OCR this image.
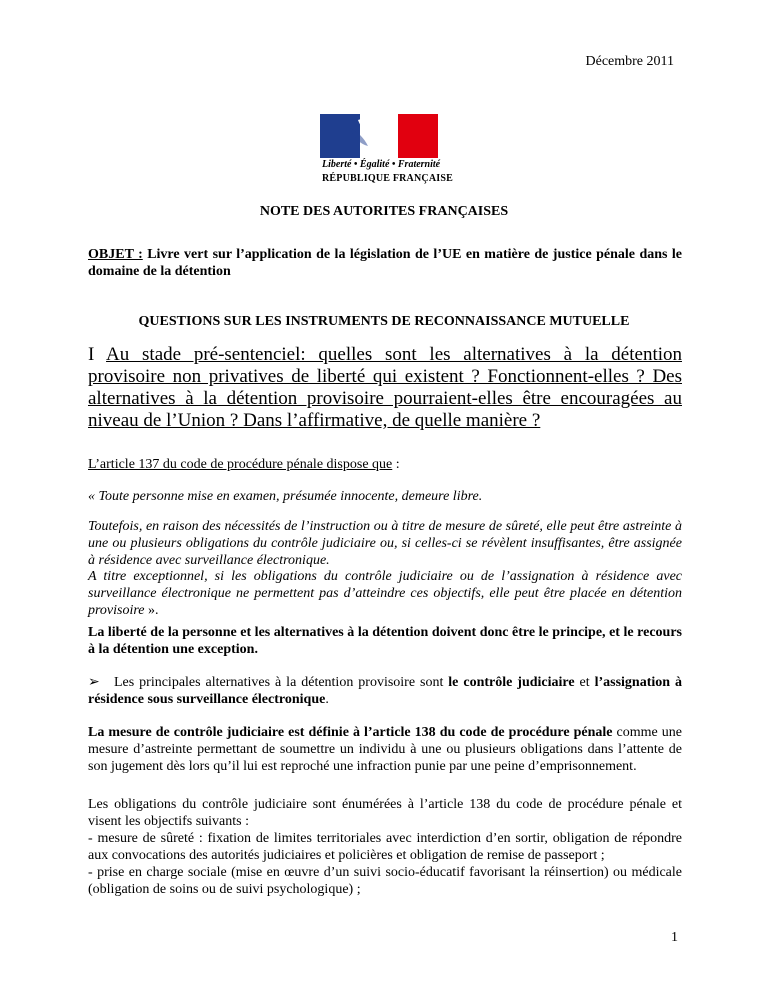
Décembre 2011
Liberté • Égalité • Fraternité
RÉPUBLIQUE FRANÇAISE
NOTE DES AUTORITES FRANÇAISES
OBJET : Livre vert sur l’application de la législation de l’UE en matière de justice pénale dans le domaine de la détention
QUESTIONS SUR LES INSTRUMENTS DE RECONNAISSANCE MUTUELLE
I Au stade pré-sentenciel: quelles sont les alternatives à la détention provisoire non privatives de liberté qui existent ? Fonctionnent-elles ? Des alternatives à la détention provisoire pourraient-elles être encouragées au niveau de l’Union ? Dans l’affirmative, de quelle manière ?
L’article 137 du code de procédure pénale dispose que :
« Toute personne mise en examen, présumée innocente, demeure libre.
Toutefois, en raison des nécessités de l’instruction ou à titre de mesure de sûreté, elle peut être astreinte à une ou plusieurs obligations du contrôle judiciaire ou, si celles-ci se révèlent insuffisantes, être assignée à résidence avec surveillance électronique.
A titre exceptionnel, si les obligations du contrôle judiciaire ou de l’assignation à résidence avec surveillance électronique ne permettent pas d’atteindre ces objectifs, elle peut être placée en détention provisoire ».
La liberté de la personne et les alternatives à la détention doivent donc être le principe, et le recours à la détention une exception.
➢ Les principales alternatives à la détention provisoire sont le contrôle judiciaire et l’assignation à résidence sous surveillance électronique.
La mesure de contrôle judiciaire est définie à l’article 138 du code de procédure pénale comme une mesure d’astreinte permettant de soumettre un individu à une ou plusieurs obligations dans l’attente de son jugement dès lors qu’il lui est reproché une infraction punie par une peine d’emprisonnement.
Les obligations du contrôle judiciaire sont énumérées à l’article 138 du code de procédure pénale et visent les objectifs suivants :
- mesure de sûreté : fixation de limites territoriales avec interdiction d’en sortir, obligation de répondre aux convocations des autorités judiciaires et policières et obligation de remise de passeport ;
- prise en charge sociale (mise en œuvre d’un suivi socio-éducatif favorisant la réinsertion) ou médicale (obligation de soins ou de suivi psychologique) ;
1
